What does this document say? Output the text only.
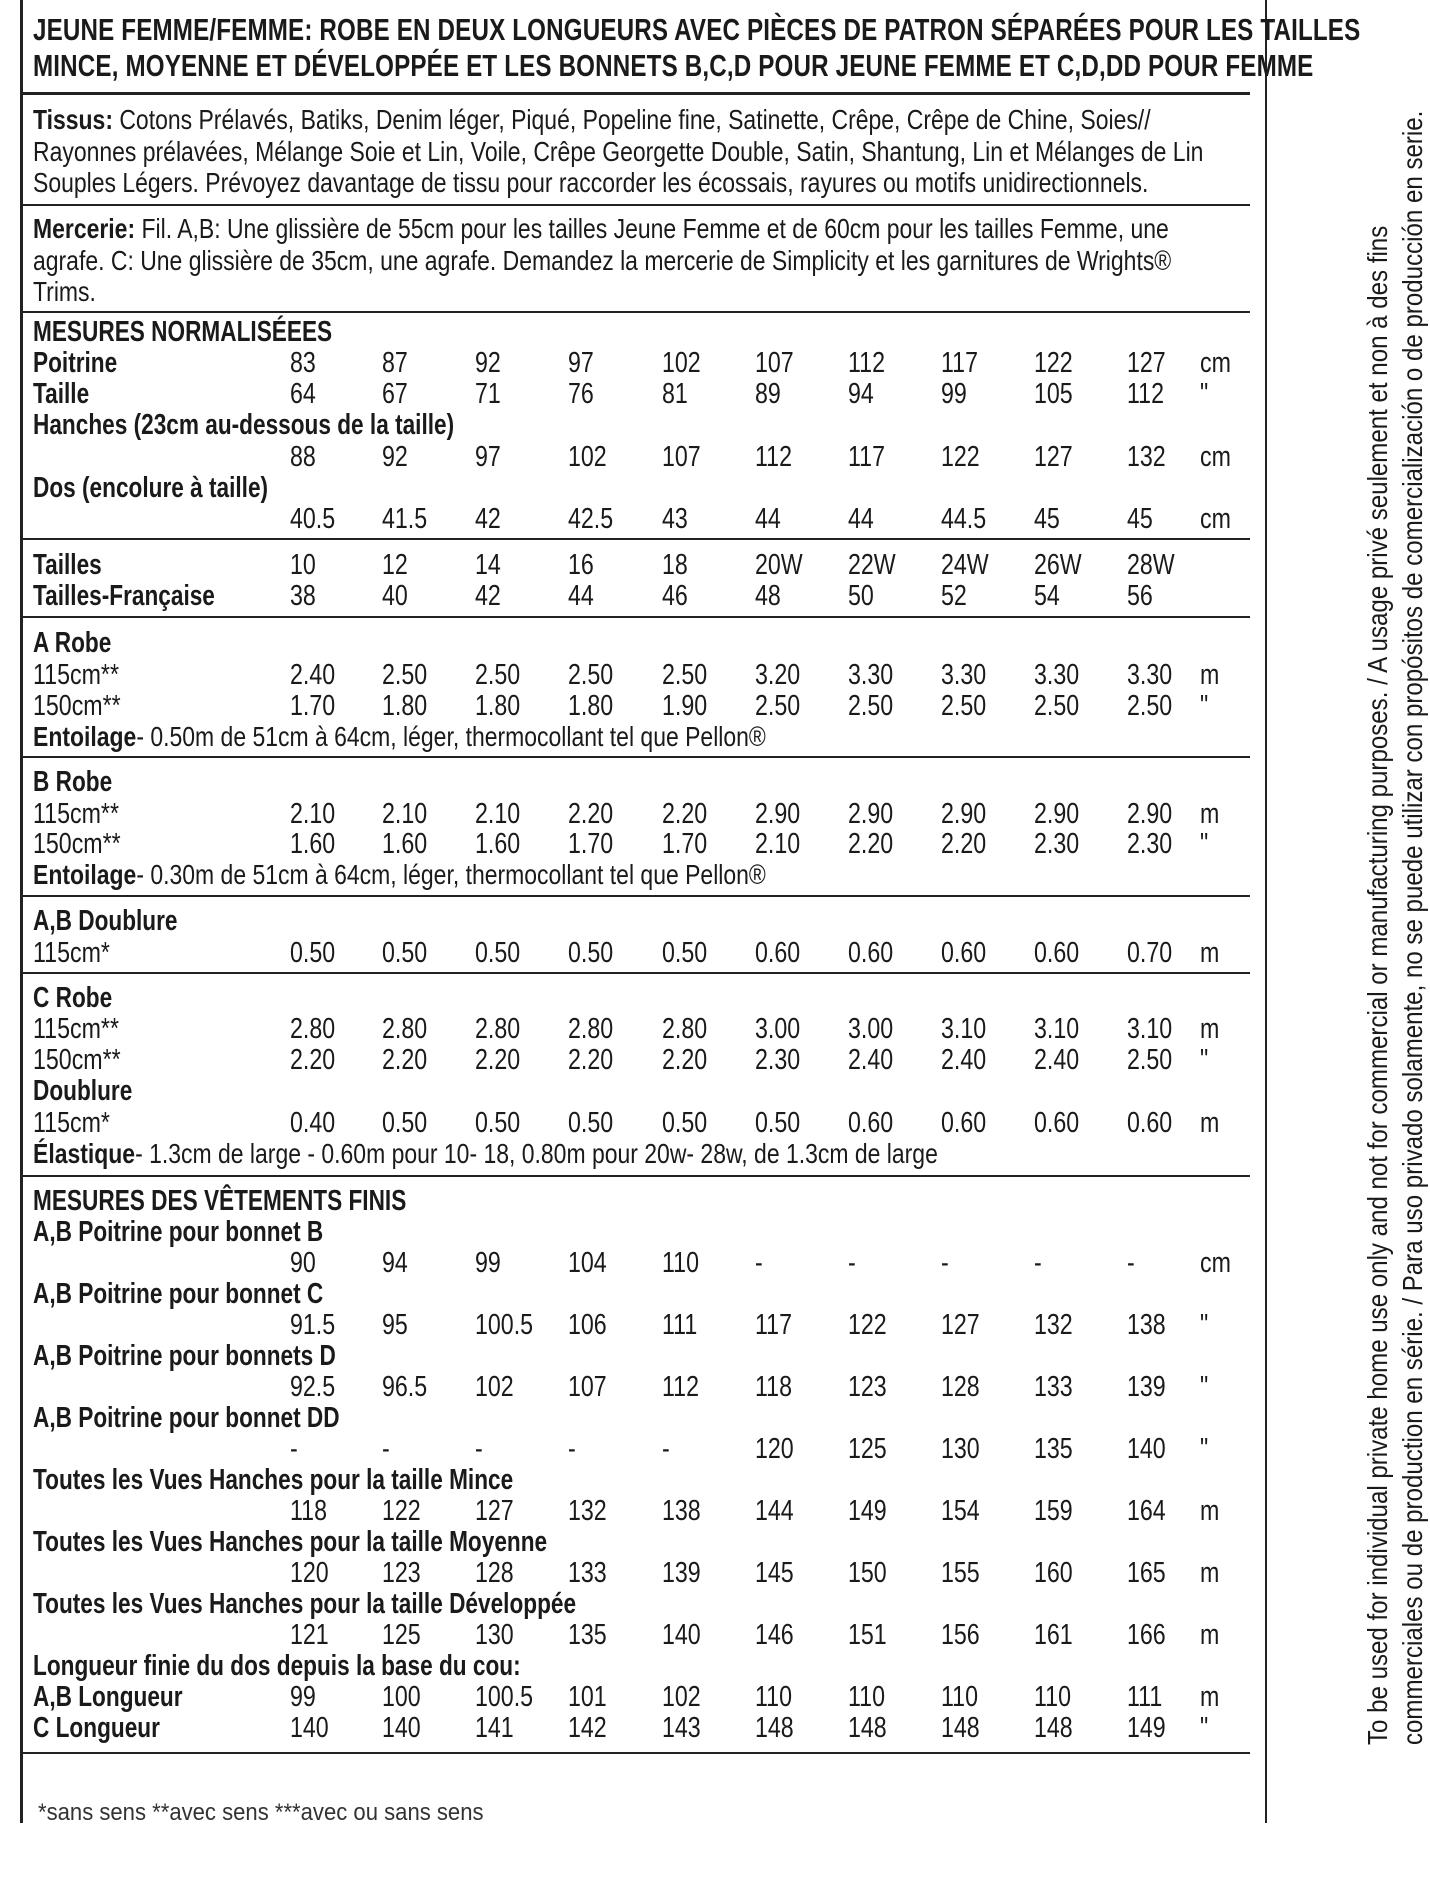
JEUNE FEMME/FEMME: ROBE EN DEUX LONGUEURS AVEC PIÈCES DE PATRON SÉPARÉES POUR LES TAILLES
MINCE, MOYENNE ET DÉVELOPPÉE ET LES BONNETS B,C,D POUR JEUNE FEMME ET C,D,DD POUR FEMME
Tissus: Cotons Prélavés, Batiks, Denim léger, Piqué, Popeline fine, Satinette, Crêpe, Crêpe de Chine, Soies//
Rayonnes prélavées, Mélange Soie et Lin, Voile, Crêpe Georgette Double, Satin, Shantung, Lin et Mélanges de Lin
Souples Légers. Prévoyez davantage de tissu pour raccorder les écossais, rayures ou motifs unidirectionnels.
Mercerie: Fil. A,B: Une glissière de 55cm pour les tailles Jeune Femme et de 60cm pour les tailles Femme, une
agrafe. C: Une glissière de 35cm, une agrafe. Demandez la mercerie de Simplicity et les garnitures de Wrights®
Trims.
MESURES NORMALISÉEES
Poitrine	83 87 92 97 102 107 112 117 122 127 cm
Taille	64 67 71 76 81 89 94 99 105 112 "
Hanches (23cm au-dessous de la taille)
88 92 97 102 107 112 117 122 127 132 cm
Dos (encolure à taille)
40.5 41.5 42 42.5 43 44 44 44.5 45 45 cm
Tailles	10 12 14 16 18 20W 22W 24W 26W 28W
Tailles-Française	38 40 42 44 46 48 50 52 54 56
A Robe
115cm**	2.40 2.50 2.50 2.50 2.50 3.20 3.30 3.30 3.30 3.30 m
150cm**	1.70 1.80 1.80 1.80 1.90 2.50 2.50 2.50 2.50 2.50 "
Entoilage- 0.50m de 51cm à 64cm, léger, thermocollant tel que Pellon®
B Robe
115cm**	2.10 2.10 2.10 2.20 2.20 2.90 2.90 2.90 2.90 2.90 m
150cm**	1.60 1.60 1.60 1.70 1.70 2.10 2.20 2.20 2.30 2.30 "
Entoilage- 0.30m de 51cm à 64cm, léger, thermocollant tel que Pellon®
A,B Doublure
115cm*	0.50 0.50 0.50 0.50 0.50 0.60 0.60 0.60 0.60 0.70 m
C Robe
115cm**	2.80 2.80 2.80 2.80 2.80 3.00 3.00 3.10 3.10 3.10 m
150cm**	2.20 2.20 2.20 2.20 2.20 2.30 2.40 2.40 2.40 2.50 "
Doublure
115cm*	0.40 0.50 0.50 0.50 0.50 0.50 0.60 0.60 0.60 0.60 m
Élastique- 1.3cm de large - 0.60m pour 10- 18, 0.80m pour 20w- 28w, de 1.3cm de large
MESURES DES VÊTEMENTS FINIS
A,B Poitrine pour bonnet B
90 94 99 104 110 -	-	-	-	- cm
A,B Poitrine pour bonnet C
91.5 95 100.5 106 111 117 122 127 132 138 "
A,B Poitrine pour bonnets D
92.5 96.5 102 107 112 118 123 128 133 139 "
A,B Poitrine pour bonnet DD
-	-	-	-	-	120 125 130 135 140 "
Toutes les Vues Hanches pour la taille Mince
118 122 127 132 138 144 149 154 159 164 m
Toutes les Vues Hanches pour la taille Moyenne
120 123 128 133 139 145 150 155 160 165 m
Toutes les Vues Hanches pour la taille Développée
121 125 130 135 140 146 151 156 161 166 m
Longueur finie du dos depuis la base du cou:
A,B Longueur	99 100 100.5 101 102 110 110 110 110 111 m
C Longueur	140 140 141 142 143 148 148 148 148 149 "
*sans sens **avec sens ***avec ou sans sens
To be used for individual private home use only and not for commercial or manufacturing purposes. / A usage privé seulement et non à des fins commerciales ou de production en série. / Para uso privado solamente, no se puede utilizar con propósitos de comercialización o de producción en serie.
